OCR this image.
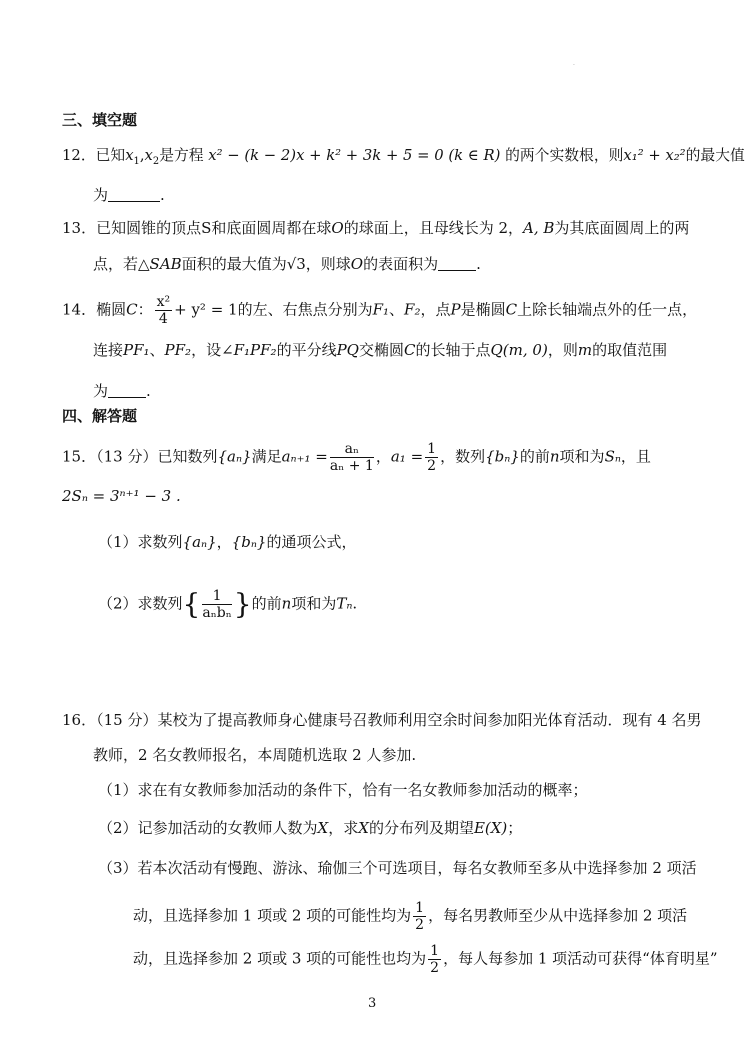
.
三、填空题
12．已知$x_1,x_2$是方程 x² − (k − 2)x + k² + 3k + 5 = 0 (k ∈ R) 的两个实数根，则x₁² + x₂²的最大值
为	.
13．已知圆锥的顶点S和底面圆周都在球O的球面上，且母线长为 2，A, B为其底面圆周上的两
点，若△SAB面积的最大值为√3，则球O的表面积为	.
14．椭圆C： $\frac{\text{x²}}{4} + y^2 = 1$的左、右焦点分别为F₁、F₂，点P是椭圆C上除长轴端点外的任一点，
连接PF₁、PF₂，设∠F₁PF₂的平分线PQ交椭圆C的长轴于点Q(m, 0)，则m的取值范围
为	.
四、解答题
15．（13 分）已知数列{aₙ}满足$a_{n+1} = \frac{\text{aₙ}}{\text{aₙ + 1}}$ ，$a_1 = \frac{1}{2}$ ，数列{bₙ}的前n项和为Sₙ，且
2Sₙ = 3ⁿ⁺¹ − 3 .
（1）求数列{aₙ}，{bₙ}的通项公式，
（2）求数列{ $\frac{1}{\text{aₙbₙ}}$ }的前n项和为Tₙ.
16．（15 分）某校为了提高教师身心健康号召教师利用空余时间参加阳光体育活动．现有 4 名男
教师，2 名女教师报名，本周随机选取 2 人参加.
（1）求在有女教师参加活动的条件下，恰有一名女教师参加活动的概率；
（2）记参加活动的女教师人数为X，求X的分布列及期望E(X)；
（3）若本次活动有慢跑、游泳、瑜伽三个可选项目，每名女教师至多从中选择参加 2 项活
动，且选择参加 1 项或 2 项的可能性均为 $\frac{1}{2}$ ，每名男教师至少从中选择参加 2 项活
动，且选择参加 2 项或 3 项的可能性也均为 $\frac{1}{2}$ ，每人每参加 1 项活动可获得“体育明星”
3
